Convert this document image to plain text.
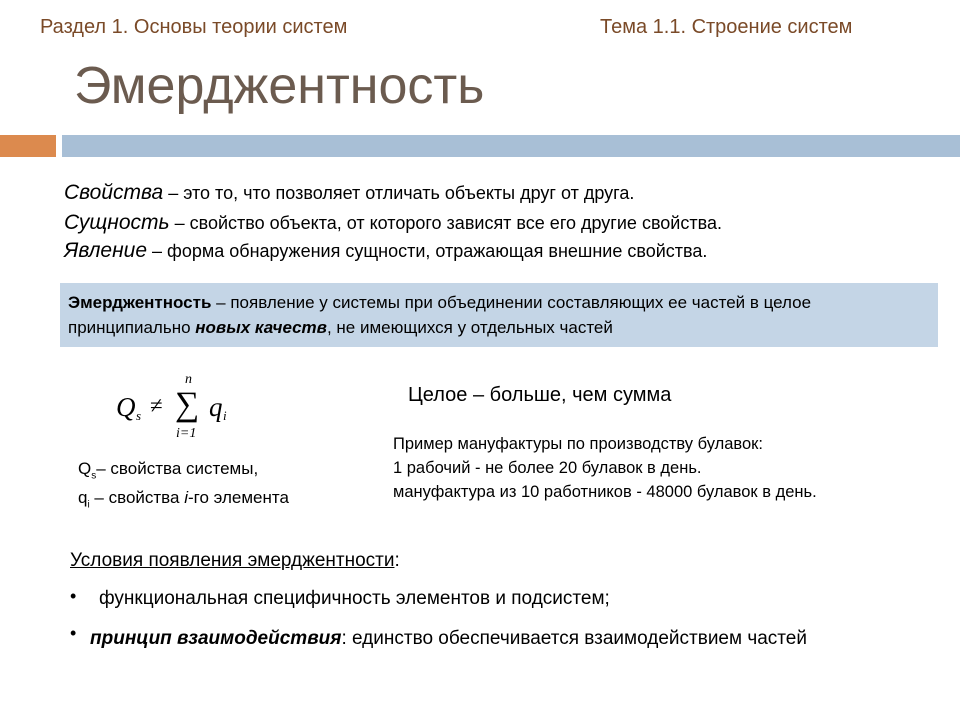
Раздел 1. Основы теории систем	Тема 1.1. Строение систем
Эмерджентность
Свойства – это то, что позволяет отличать объекты друг от друга.
Сущность – свойство объекта, от которого зависят все его другие свойства.
Явление – форма обнаружения сущности, отражающая внешние свойства.
Эмерджентность – появление у системы при объединении составляющих ее частей в целое принципиально новых качеств, не имеющихся у отдельных частей
Q s ≠
n
∑
i=1
q i
$Q_s-$ свойства системы,
$q_i$ – свойства i-го элемента
Целое – больше, чем сумма
Пример мануфактуры по производству булавок:
1 рабочий - не более 20 булавок в день.
мануфактура из 10 работников - 48000 булавок в день.
Условия появления эмерджентности:
• функциональная специфичность элементов и подсистем;
• принцип взаимодействия: единство обеспечивается взаимодействием частей
